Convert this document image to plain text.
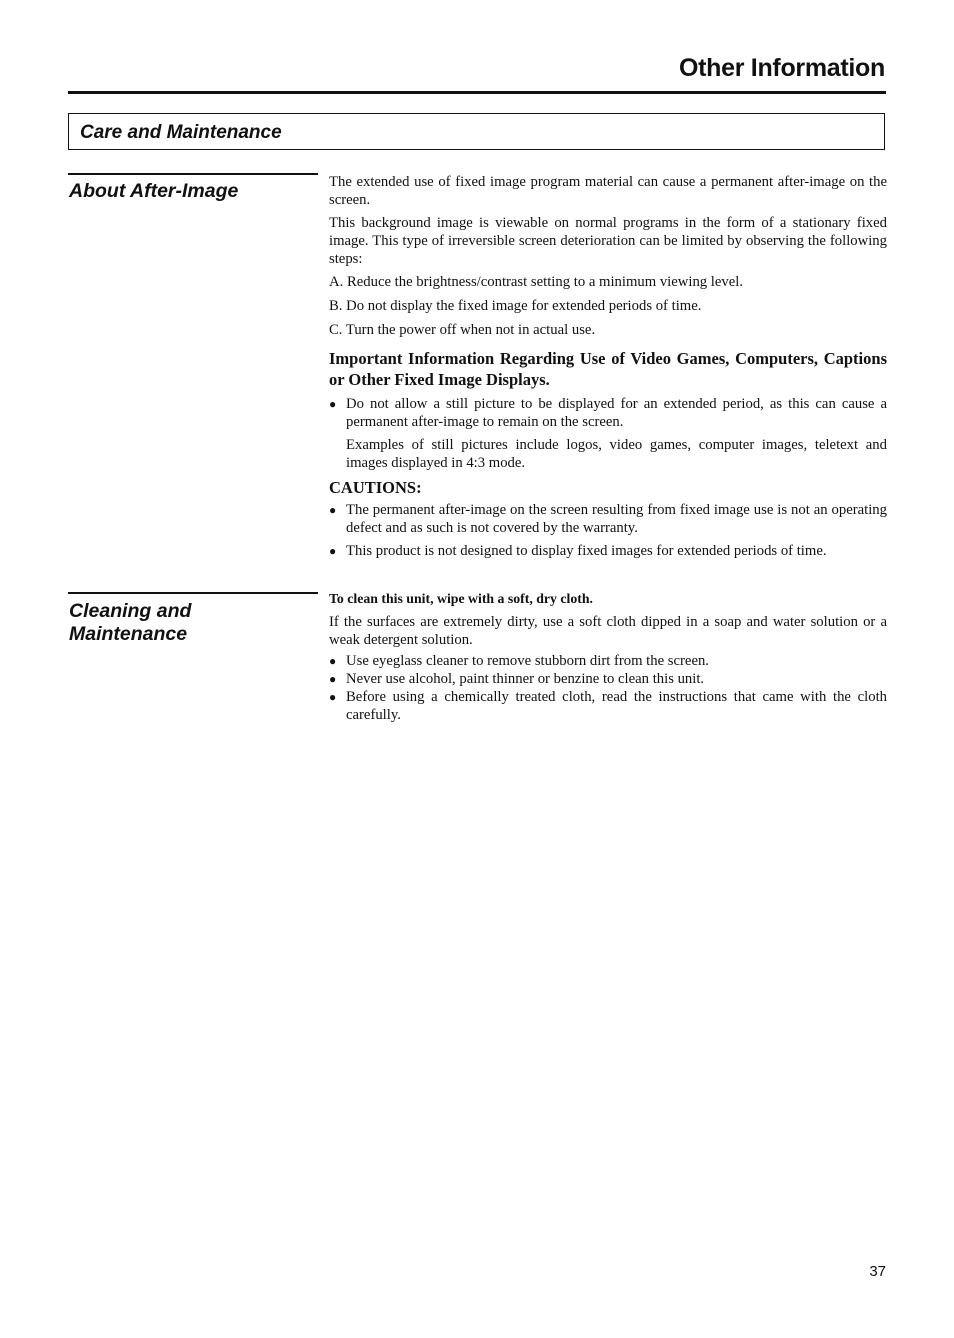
Other Information
Care and Maintenance
About After-Image	The extended use of fixed image program material can cause a permanent after-image on the screen.

This background image is viewable on normal programs in the form of a stationary fixed image. This type of irreversible screen deterioration can be limited by observing the following steps:

A. Reduce the brightness/contrast setting to a minimum viewing level.

B. Do not display the fixed image for extended periods of time.

C. Turn the power off when not in actual use.

Important Information Regarding Use of Video Games, Computers, Captions or Other Fixed Image Displays.

● Do not allow a still picture to be displayed for an extended period, as this can cause a permanent after-image to remain on the screen.

Examples of still pictures include logos, video games, computer images, teletext and images displayed in 4:3 mode.

CAUTIONS:

● The permanent after-image on the screen resulting from fixed image use is not an operating defect and as such is not covered by the warranty.
● This product is not designed to display fixed images for extended periods of time.
Cleaning and
Maintenance

To clean this unit, wipe with a soft, dry cloth.

If the surfaces are extremely dirty, use a soft cloth dipped in a soap and water solution or a weak detergent solution.

● Use eyeglass cleaner to remove stubborn dirt from the screen.
● Never use alcohol, paint thinner or benzine to clean this unit.
● Before using a chemically treated cloth, read the instructions that came with the cloth carefully.
37
